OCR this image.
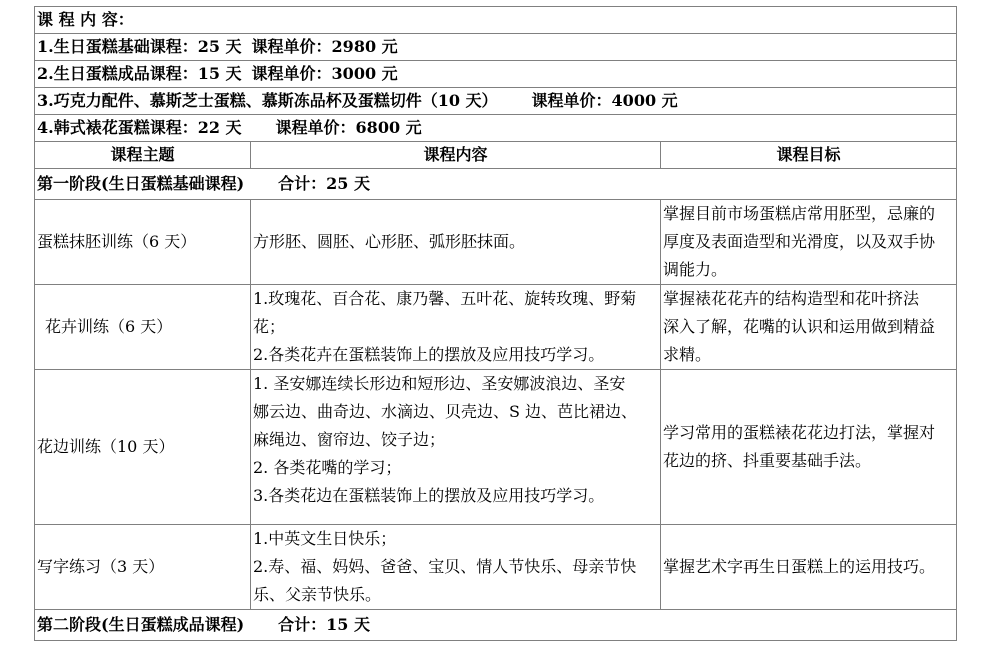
课 程 内 容：		
1.生日蛋糕基础课程：25 天 课程单价：2980 元		
2.生日蛋糕成品课程：15 天 课程单价：3000 元		
3.巧克力配件、慕斯芝士蛋糕、慕斯冻品杯及蛋糕切件（10 天） 课程单价：4000 元		
4.韩式裱花蛋糕课程：22 天 课程单价：6800 元		
课程主题	课程内容	课程目标
第一阶段(生日蛋糕基础课程) 合计：25 天		
蛋糕抹胚训练（6 天）	方形胚、圆胚、心形胚、弧形胚抹面。	掌握目前市场蛋糕店常用胚型，忌廉的
厚度及表面造型和光滑度，以及双手协
调能力。

花卉训练（6 天）	1.玫瑰花、百合花、康乃馨、五叶花、旋转玫瑰、野菊
花；
2.各类花卉在蛋糕装饰上的摆放及应用技巧学习。	掌握裱花花卉的结构造型和花叶挤法
深入了解，花嘴的认识和运用做到精益
求精。

花边训练（10 天）	1. 圣安娜连续长形边和短形边、圣安娜波浪边、圣安
娜云边、曲奇边、水滴边、贝壳边、S 边、芭比裙边、
麻绳边、窗帘边、饺子边；
2. 各类花嘴的学习；
3.各类花边在蛋糕装饰上的摆放及应用技巧学习。	学习常用的蛋糕裱花花边打法，掌握对
花边的挤、抖重要基础手法。

写字练习（3 天）	1.中英文生日快乐；
2.寿、福、妈妈、爸爸、宝贝、情人节快乐、母亲节快
乐、父亲节快乐。	掌握艺术字再生日蛋糕上的运用技巧。

第二阶段(生日蛋糕成品课程) 合计：15 天		
